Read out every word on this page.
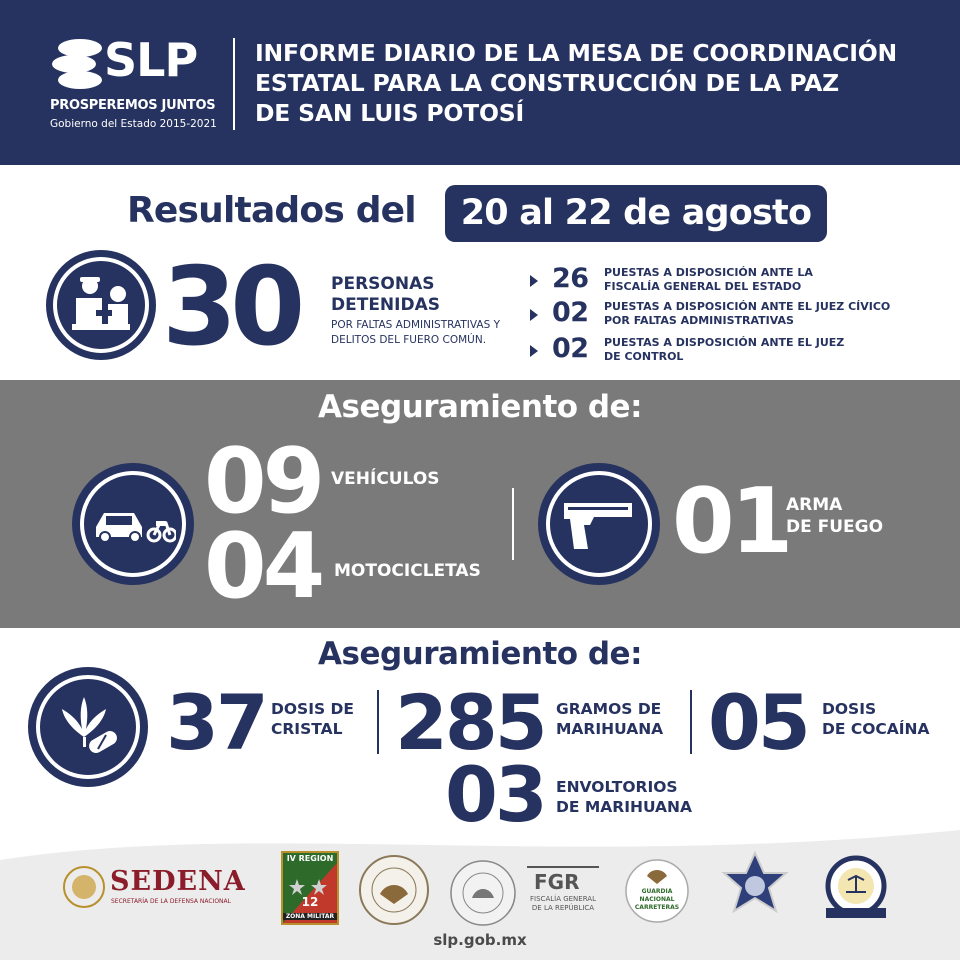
SLP
PROSPEREMOS JUNTOS
Gobierno del Estado 2015-2021
INFORME DIARIO DE LA MESA DE COORDINACIÓN
ESTATAL PARA LA CONSTRUCCIÓN DE LA PAZ
DE SAN LUIS POTOSÍ
Resultados del	20 al 22 de agosto
30 PERSONAS
DETENIDAS
POR FALTAS ADMINISTRATIVAS Y
DELITOS DEL FUERO COMÚN.
26 PUESTAS A DISPOSICIÓN ANTE LA
FISCALÍA GENERAL DEL ESTADO
02 PUESTAS A DISPOSICIÓN ANTE EL JUEZ CÍVICO
POR FALTAS ADMINISTRATIVAS
02 PUESTAS A DISPOSICIÓN ANTE EL JUEZ
DE CONTROL
Aseguramiento de:
09 VEHÍCULOS
04 MOTOCICLETAS 01
ARMA
DE FUEGO
Aseguramiento de:
37 DOSIS DE
CRISTAL 285 GRAMOS DE
MARIHUANA 05 DOSIS
DE COCAÍNA
03 ENVOLTORIOS
DE MARIHUANA
SEDENA
SECRETARÍA DE LA DEFENSA NACIONAL
IV REGION
12
ZONA MILITAR
FGR
FISCALÍA GENERAL
DE LA REPÚBLICA
GUARDIA
NACIONAL
CARRETERAS
slp.gob.mx
